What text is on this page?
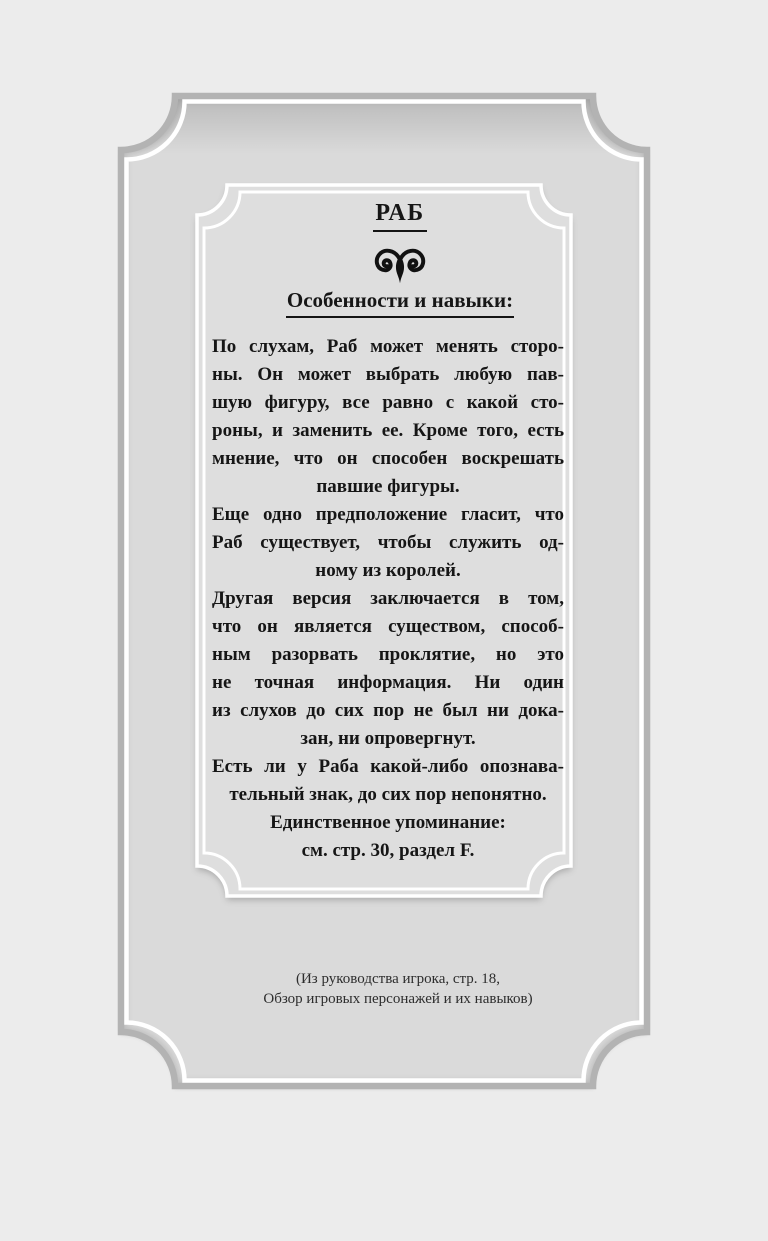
РАБ
Особенности и навыки:
По слухам, Раб может менять сторо-
ны. Он может выбрать любую пав-
шую фигуру, все равно с какой сто-
роны, и заменить ее. Кроме того, есть
мнение, что он способен воскрешать
павшие фигуры.
Еще одно предположение гласит, что
Раб существует, чтобы служить од-
ному из королей.
Другая версия заключается в том,
что он является существом, способ-
ным разорвать проклятие, но это
не точная информация. Ни один
из слухов до сих пор не был ни дока-
зан, ни опровергнут.
Есть ли у Раба какой-либо опознава-
тельный знак, до сих пор непонятно.
Единственное упоминание:
см. стр. 30, раздел F.
(Из руководства игрока, стр. 18,
Обзор игровых персонажей и их навыков)
